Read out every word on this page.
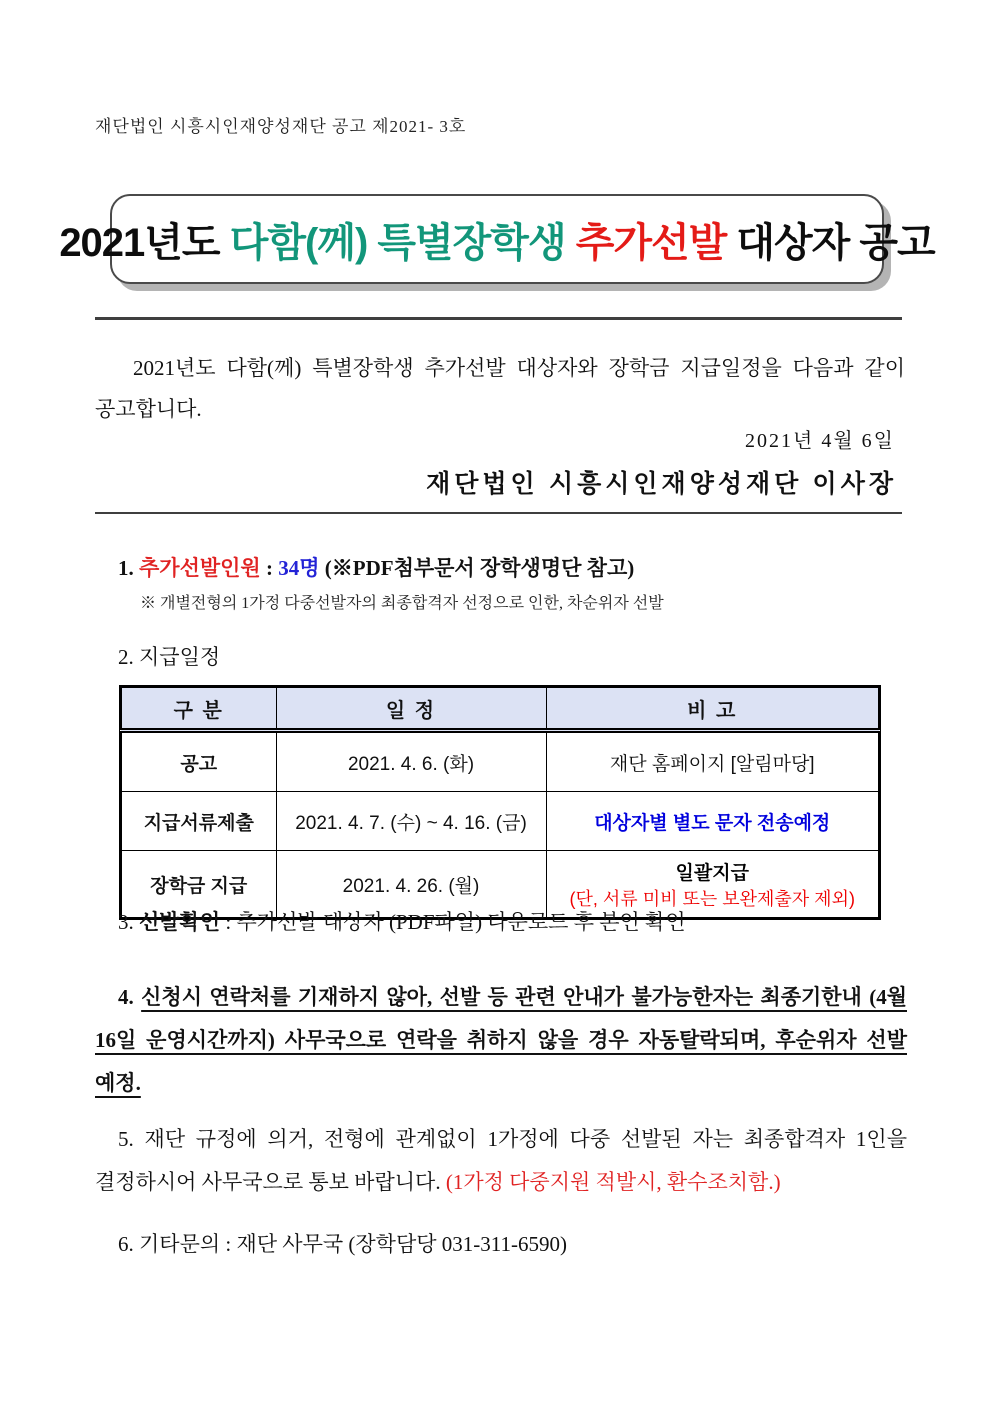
재단법인 시흥시인재양성재단 공고 제2021- 3호
2021년도 다함(께) 특별장학생 추가선발 대상자 공고

2021년도 다함(께) 특별장학생 추가선발 대상자와 장학금 지급일정을 다음과 같이 공고합니다.

2021년 4월 6일
재단법인 시흥시인재양성재단 이사장
1. 추가선발인원 : 34명 (※PDF첨부문서 장학생명단 참고)
※ 개별전형의 1가정 다중선발자의 최종합격자 선정으로 인한, 차순위자 선발
2. 지급일정
구 분	일 정	비 고
공고	2021. 4. 6. (화)	재단 홈페이지 [알림마당]
지급서류제출	2021. 4. 7. (수) ~ 4. 16. (금)	대상자별 별도 문자 전송예정
장학금 지급	2021. 4. 26. (월)	일괄지급
(단, 서류 미비 또는 보완제출자 제외)
3. 선발확인 : 추가선발 대상자 (PDF파일) 다운로드 후 본인 확인
4. 신청시 연락처를 기재하지 않아, 선발 등 관련 안내가 불가능한자는 최종기한내 (4월 16일 운영시간까지) 사무국으로 연락을 취하지 않을 경우 자동탈락되며, 후순위자 선발 예정.
5. 재단 규정에 의거, 전형에 관계없이 1가정에 다중 선발된 자는 최종합격자 1인을 결정하시어 사무국으로 통보 바랍니다. (1가정 다중지원 적발시, 환수조치함.)
6. 기타문의 : 재단 사무국 (장학담당 031-311-6590)
